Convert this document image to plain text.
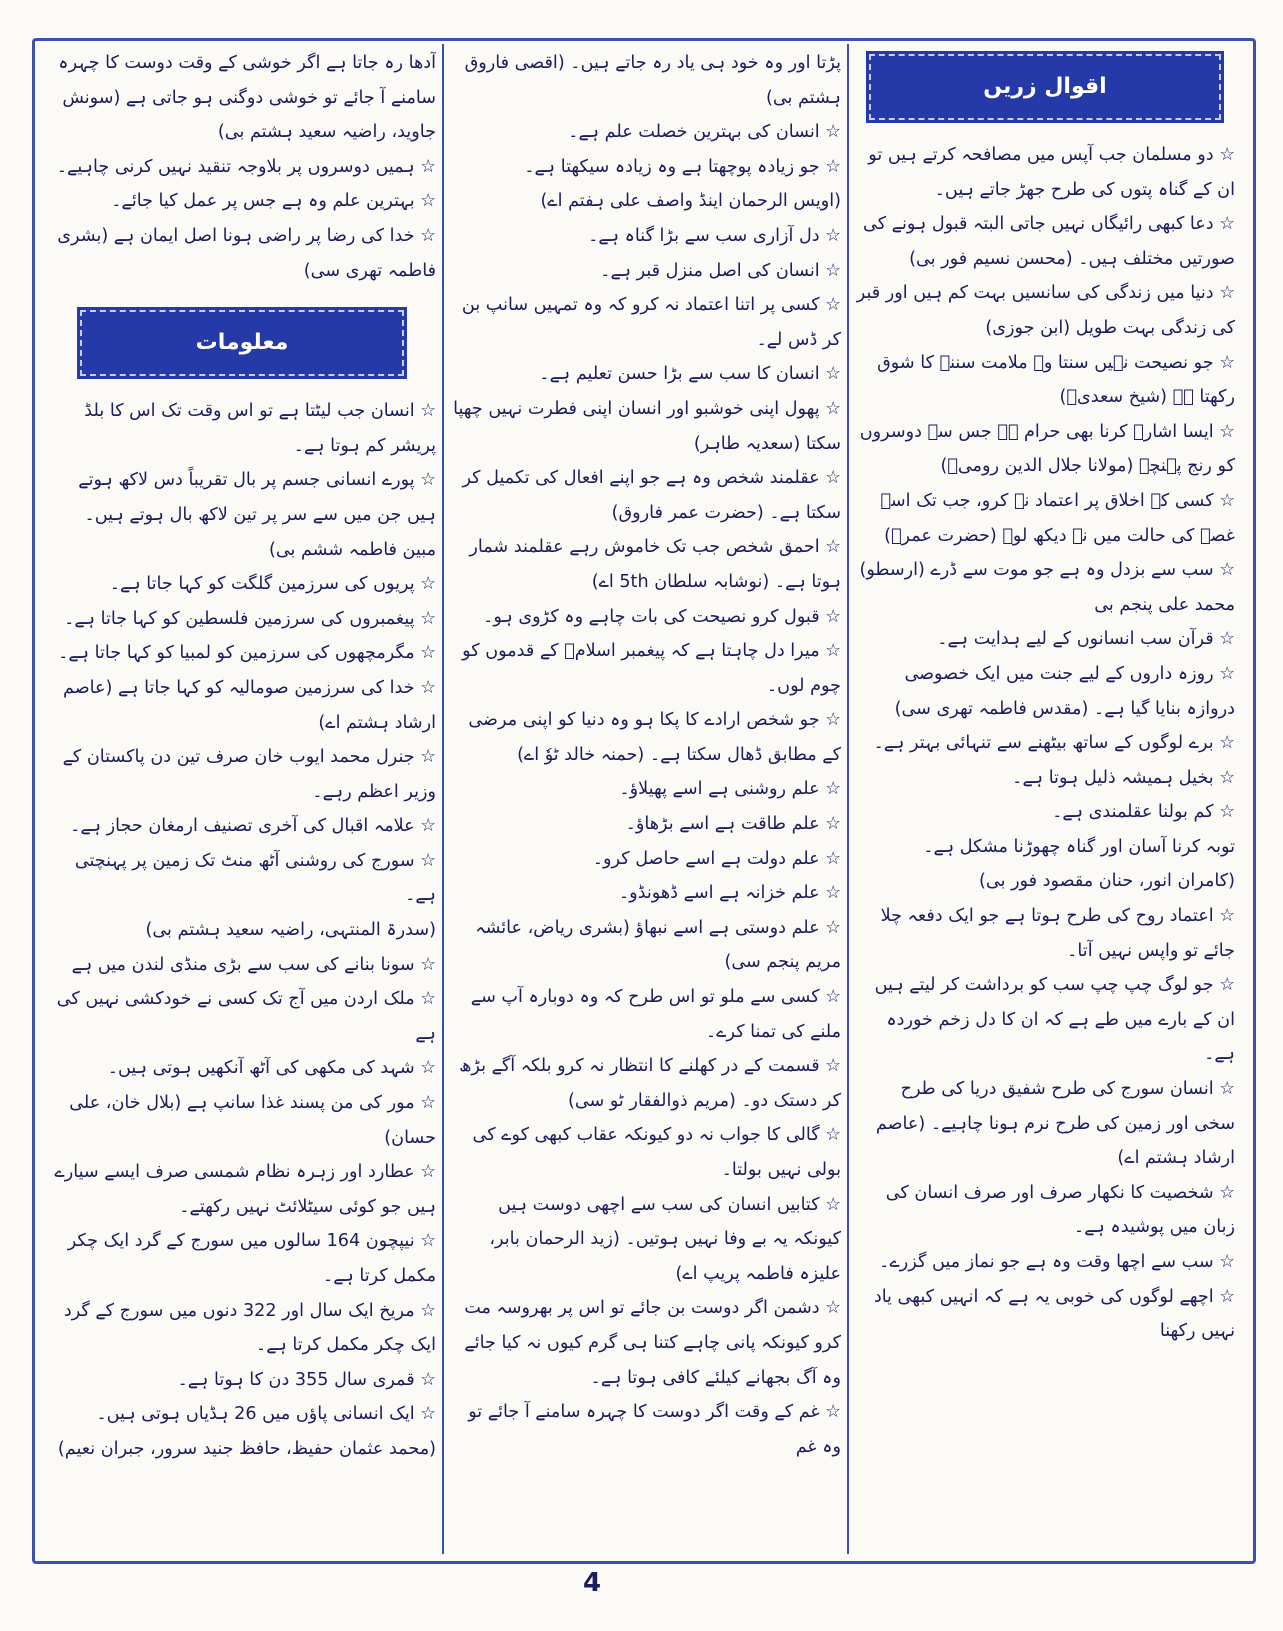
اقوال زریں

☆ دو مسلمان جب آپس میں مصافحہ کرتے ہیں تو ان کے گناہ پتوں کی طرح جھڑ جاتے ہیں۔

☆ دعا کبھی رائیگاں نہیں جاتی البتہ قبول ہونے کی صورتیں مختلف ہیں۔ (محسن نسیم فور بی)

☆ دنیا میں زندگی کی سانسیں بہت کم ہیں اور قبر کی زندگی بہت طویل (ابن جوزی)

☆ جو نصیحت نہیں سنتا وہ ملامت سننے کا شوق رکھتا ہے (شیخ سعدیؒ)

☆ ایسا اشارہ کرنا بھی حرام ہے جس سے دوسروں کو رنج پہنچے (مولانا جلال الدین رومیؒ)

☆ کسی کے اخلاق پر اعتماد نہ کرو، جب تک اسے غصے کی حالت میں نہ دیکھ لو۔ (حضرت عمرؓ)

☆ سب سے بزدل وہ ہے جو موت سے ڈرے (ارسطو) محمد علی پنجم بی

☆ قرآن سب انسانوں کے لیے ہدایت ہے۔

☆ روزہ داروں کے لیے جنت میں ایک خصوصی دروازہ بنایا گیا ہے۔ (مقدس فاطمہ تھری سی)

☆ برے لوگوں کے ساتھ بیٹھنے سے تنہائی بہتر ہے۔

☆ بخیل ہمیشہ ذلیل ہوتا ہے۔

☆ کم بولنا عقلمندی ہے۔

توبہ کرنا آسان اور گناہ چھوڑنا مشکل ہے۔

(کامران انور، حنان مقصود فور بی)

☆ اعتماد روح کی طرح ہوتا ہے جو ایک دفعہ چلا جائے تو واپس نہیں آتا۔

☆ جو لوگ چپ چپ سب کو برداشت کر لیتے ہیں ان کے بارے میں طے ہے کہ ان کا دل زخم خوردہ ہے۔

☆ انسان سورج کی طرح شفیق دریا کی طرح سخی اور زمین کی طرح نرم ہونا چاہیے۔ (عاصم ارشاد ہشتم اے)

☆ شخصیت کا نکھار صرف اور صرف انسان کی زبان میں پوشیدہ ہے۔

☆ سب سے اچھا وقت وہ ہے جو نماز میں گزرے۔

☆ اچھے لوگوں کی خوبی یہ ہے کہ انہیں کبھی یاد نہیں رکھنا

پڑتا اور وہ خود ہی یاد رہ جاتے ہیں۔ (اقصی فاروق ہشتم بی)

☆ انسان کی بہترین خصلت علم ہے۔

☆ جو زیادہ پوچھتا ہے وہ زیادہ سیکھتا ہے۔

(اویس الرحمان اینڈ واصف علی ہفتم اے)

☆ دل آزاری سب سے بڑا گناہ ہے۔

☆ انسان کی اصل منزل قبر ہے۔

☆ کسی پر اتنا اعتماد نہ کرو کہ وہ تمہیں سانپ بن کر ڈس لے۔

☆ انسان کا سب سے بڑا حسن تعلیم ہے۔

☆ پھول اپنی خوشبو اور انسان اپنی فطرت نہیں چھپا سکتا (سعدیہ طاہر)

☆ عقلمند شخص وہ ہے جو اپنے افعال کی تکمیل کر سکتا ہے۔ (حضرت عمر فاروق)

☆ احمق شخص جب تک خاموش رہے عقلمند شمار ہوتا ہے۔ (نوشابہ سلطان 5th اے)

☆ قبول کرو نصیحت کی بات چاہے وہ کڑوی ہو۔

☆ میرا دل چاہتا ہے کہ پیغمبر اسلامؐ کے قدموں کو چوم لوں۔

☆ جو شخص ارادے کا پکا ہو وہ دنیا کو اپنی مرضی کے مطابق ڈھال سکتا ہے۔ (حمنہ خالد ٹوٗ اے)

☆ علم روشنی ہے اسے پھیلاؤ۔

☆ علم طاقت ہے اسے بڑھاؤ۔

☆ علم دولت ہے اسے حاصل کرو۔

☆ علم خزانہ ہے اسے ڈھونڈو۔

☆ علم دوستی ہے اسے نبھاؤ (بشری ریاض، عائشہ مریم پنجم سی)

☆ کسی سے ملو تو اس طرح کہ وہ دوبارہ آپ سے ملنے کی تمنا کرے۔

☆ قسمت کے در کھلنے کا انتظار نہ کرو بلکہ آگے بڑھ کر دستک دو۔ (مریم ذوالفقار ٹو سی)

☆ گالی کا جواب نہ دو کیونکہ عقاب کبھی کوے کی بولی نہیں بولتا۔

☆ کتابیں انسان کی سب سے اچھی دوست ہیں کیونکہ یہ بے وفا نہیں ہوتیں۔ (زید الرحمان بابر، علیزہ فاطمہ پریپ اے)

☆ دشمن اگر دوست بن جائے تو اس پر بھروسہ مت کرو کیونکہ پانی چاہے کتنا ہی گرم کیوں نہ کیا جائے وہ آگ بجھانے کیلئے کافی ہوتا ہے۔

☆ غم کے وقت اگر دوست کا چہرہ سامنے آ جائے تو وہ غم

آدھا رہ جاتا ہے اگر خوشی کے وقت دوست کا چہرہ سامنے آ جائے تو خوشی دوگنی ہو جاتی ہے (سونش جاوید، راضیہ سعید ہشتم بی)

☆ ہمیں دوسروں پر بلاوجہ تنقید نہیں کرنی چاہیے۔

☆ بہترین علم وہ ہے جس پر عمل کیا جائے۔

☆ خدا کی رضا پر راضی ہونا اصل ایمان ہے (بشری فاطمہ تھری سی)

معلومات

☆ انسان جب لیٹتا ہے تو اس وقت تک اس کا بلڈ پریشر کم ہوتا ہے۔

☆ پورے انسانی جسم پر بال تقریباً دس لاکھ ہوتے ہیں جن میں سے سر پر تین لاکھ بال ہوتے ہیں۔ مبین فاطمہ ششم بی)

☆ پریوں کی سرزمین گلگت کو کہا جاتا ہے۔

☆ پیغمبروں کی سرزمین فلسطین کو کہا جاتا ہے۔

☆ مگرمچھوں کی سرزمین کو لمبیا کو کہا جاتا ہے۔

☆ خدا کی سرزمین صومالیہ کو کہا جاتا ہے (عاصم ارشاد ہشتم اے)

☆ جنرل محمد ایوب خان صرف تین دن پاکستان کے وزیر اعظم رہے۔

☆ علامہ اقبال کی آخری تصنیف ارمغان حجاز ہے۔

☆ سورج کی روشنی آٹھ منٹ تک زمین پر پہنچتی ہے۔

(سدرۃ المنتہی، راضیہ سعید ہشتم بی)

☆ سونا بنانے کی سب سے بڑی منڈی لندن میں ہے

☆ ملک اردن میں آج تک کسی نے خودکشی نہیں کی ہے

☆ شہد کی مکھی کی آٹھ آنکھیں ہوتی ہیں۔

☆ مور کی من پسند غذا سانپ ہے (بلال خان، علی حسان)

☆ عطارد اور زہرہ نظام شمسی صرف ایسے سیارے ہیں جو کوئی سیٹلائٹ نہیں رکھتے۔

☆ نیپچون 164 سالوں میں سورج کے گرد ایک چکر مکمل کرتا ہے۔

☆ مریخ ایک سال اور 322 دنوں میں سورج کے گرد ایک چکر مکمل کرتا ہے۔

☆ قمری سال 355 دن کا ہوتا ہے۔

☆ ایک انسانی پاؤں میں 26 ہڈیاں ہوتی ہیں۔

(محمد عثمان حفیظ، حافظ جنید سرور، جبران نعیم)

4
